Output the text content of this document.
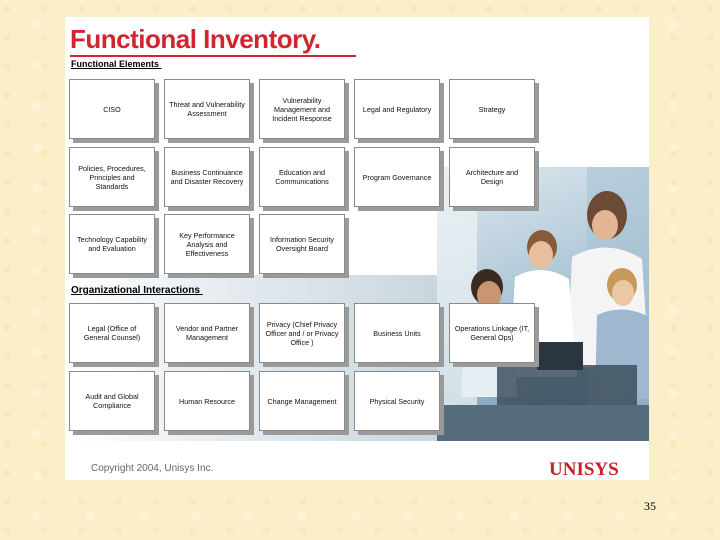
Functional Inventory.
Functional Elements
Organizational Interactions
CISO	Threat and Vulnerability Assessment
Vulnerability Management and Incident Response
Legal and Regulatory	Strategy
Policies, Procedures, Principles and Standards
Business Continuance and Disaster Recovery
Education and Communications	Program Governance	Architecture and Design
Technology Capability and Evaluation
Key Performance Analysis and Effectiveness
Information Security Oversight Board
Legal (Office of General Counsel)
Vendor and Partner Management
Privacy (Chief Privacy Officer and / or Privacy Office )
Business Units	Operations Linkage (IT, General Ops)
Audit and Global Compliance	Human Resource	Change Management	Physical Security
Copyright 2004, Unisys Inc.	UNISYS
35
